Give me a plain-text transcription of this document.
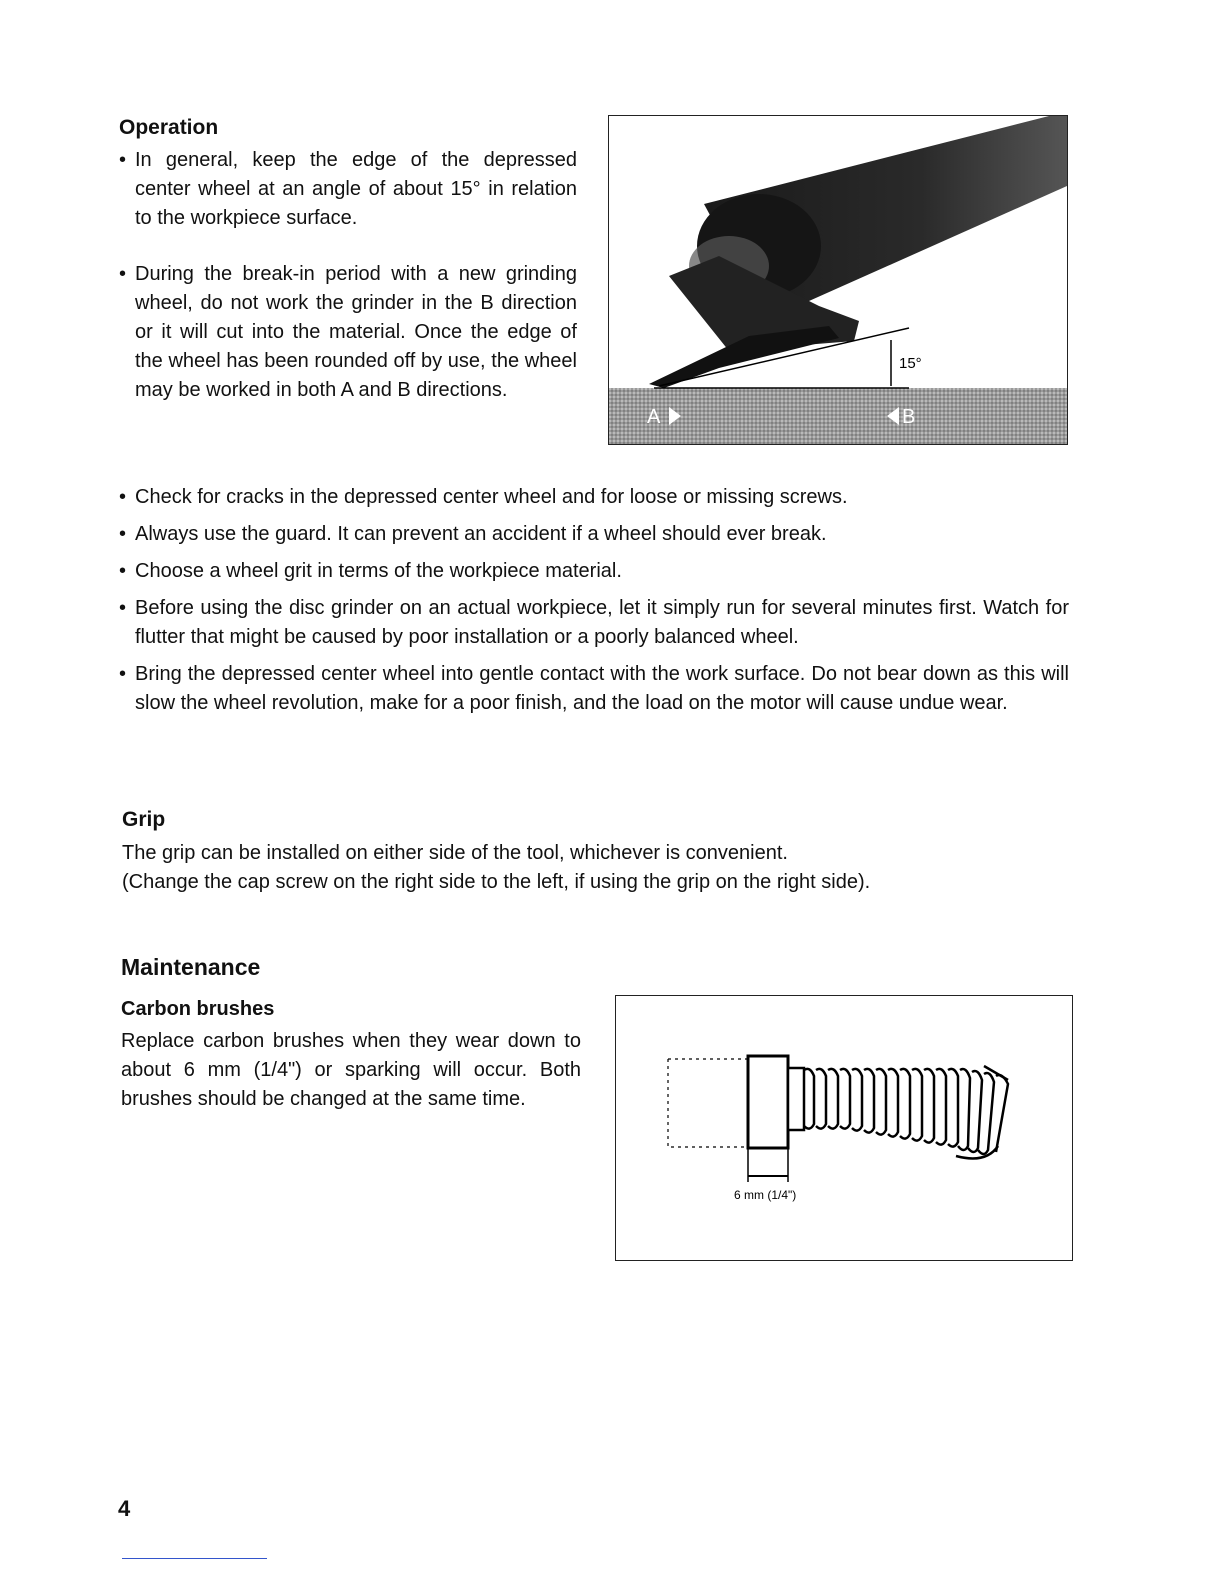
Operation
• In general, keep the edge of the depressed center wheel at an angle of about 15° in relation to the workpiece surface.
• During the break-in period with a new grinding wheel, do not work the grinder in the B direction or it will cut into the material. Once the edge of the wheel has been rounded off by use, the wheel may be worked in both A and B directions.
15°
A	B
• Check for cracks in the depressed center wheel and for loose or missing screws.
• Always use the guard. It can prevent an accident if a wheel should ever break.
• Choose a wheel grit in terms of the workpiece material.
• Before using the disc grinder on an actual workpiece, let it simply run for several minutes first. Watch for flutter that might be caused by poor installation or a poorly balanced wheel.
• Bring the depressed center wheel into gentle contact with the work surface. Do not bear down as this will slow the wheel revolution, make for a poor finish, and the load on the motor will cause undue wear.
Grip
The grip can be installed on either side of the tool, whichever is convenient.
(Change the cap screw on the right side to the left, if using the grip on the right side).
Maintenance
Carbon brushes
Replace carbon brushes when they wear down to about 6 mm (1/4") or sparking will occur. Both brushes should be changed at the same time.
6 mm (1/4")
4
